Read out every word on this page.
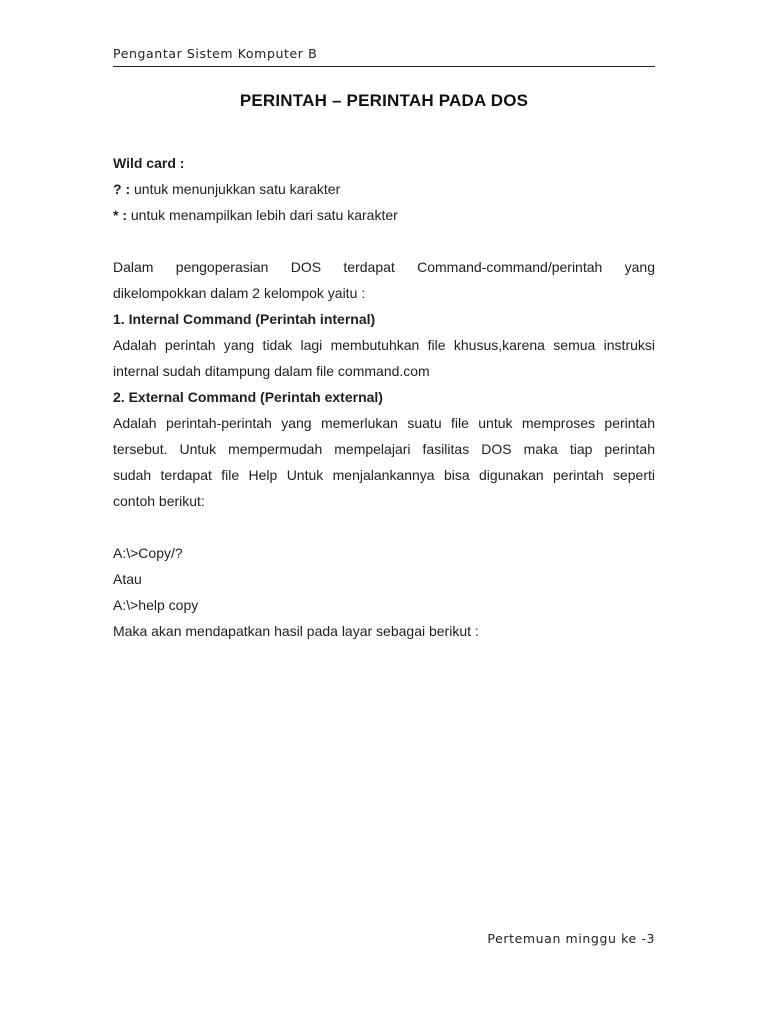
Pengantar Sistem Komputer B
PERINTAH – PERINTAH PADA DOS
Wild card :
? : untuk menunjukkan satu karakter
* : untuk menampilkan lebih dari satu karakter
Dalam pengoperasian DOS terdapat Command-command/perintah yang
dikelompokkan dalam 2 kelompok yaitu :
1. Internal Command (Perintah internal)
Adalah perintah yang tidak lagi membutuhkan file khusus,karena semua instruksi
internal sudah ditampung dalam file command.com
2. External Command (Perintah external)
Adalah perintah-perintah yang memerlukan suatu file untuk memproses perintah
tersebut. Untuk mempermudah mempelajari fasilitas DOS maka tiap perintah
sudah terdapat file Help Untuk menjalankannya bisa digunakan perintah seperti
contoh berikut:
A:\>Copy/?
Atau
A:\>help copy
Maka akan mendapatkan hasil pada layar sebagai berikut :
Pertemuan minggu ke -3
